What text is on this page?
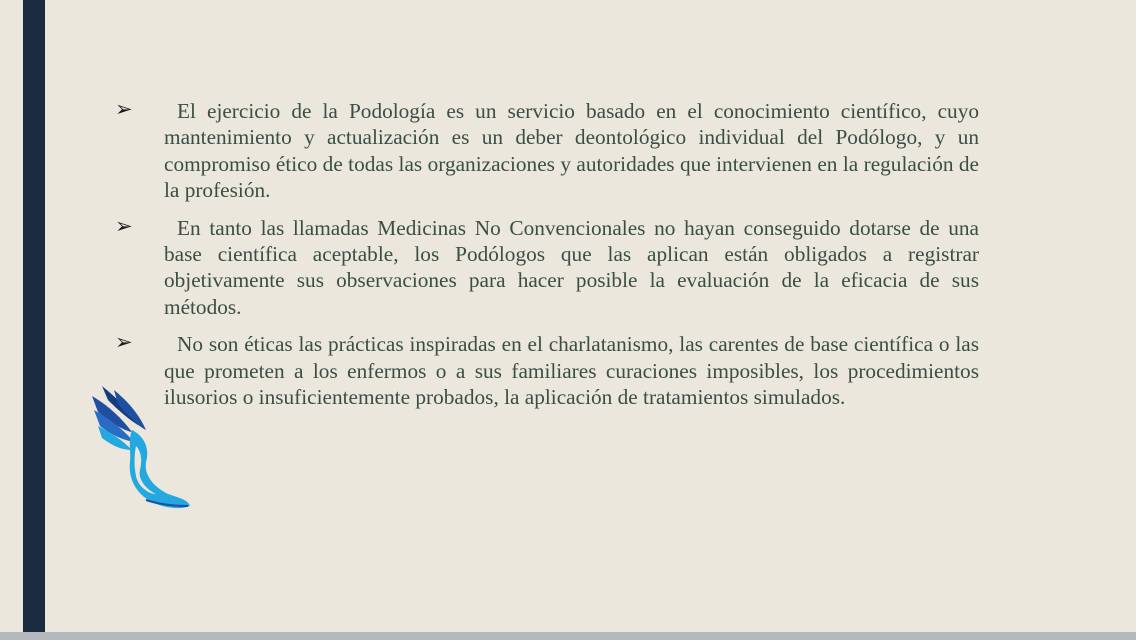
➢	El ejercicio de la Podología es un servicio basado en el conocimiento científico, cuyo mantenimiento y actualización es un deber deontológico individual del Podólogo, y un compromiso ético de todas las organizaciones y autoridades que intervienen en la regulación de la profesión.

➢	En tanto las llamadas Medicinas No Convencionales no hayan conseguido dotarse de una base científica aceptable, los Podólogos que las aplican están obligados a registrar objetivamente sus observaciones para hacer posible la evaluación de la eficacia de sus métodos.

➢	No son éticas las prácticas inspiradas en el charlatanismo, las carentes de base científica o las que prometen a los enfermos o a sus familiares curaciones imposibles, los procedimientos ilusorios o insuficientemente probados, la aplicación de tratamientos simulados.
